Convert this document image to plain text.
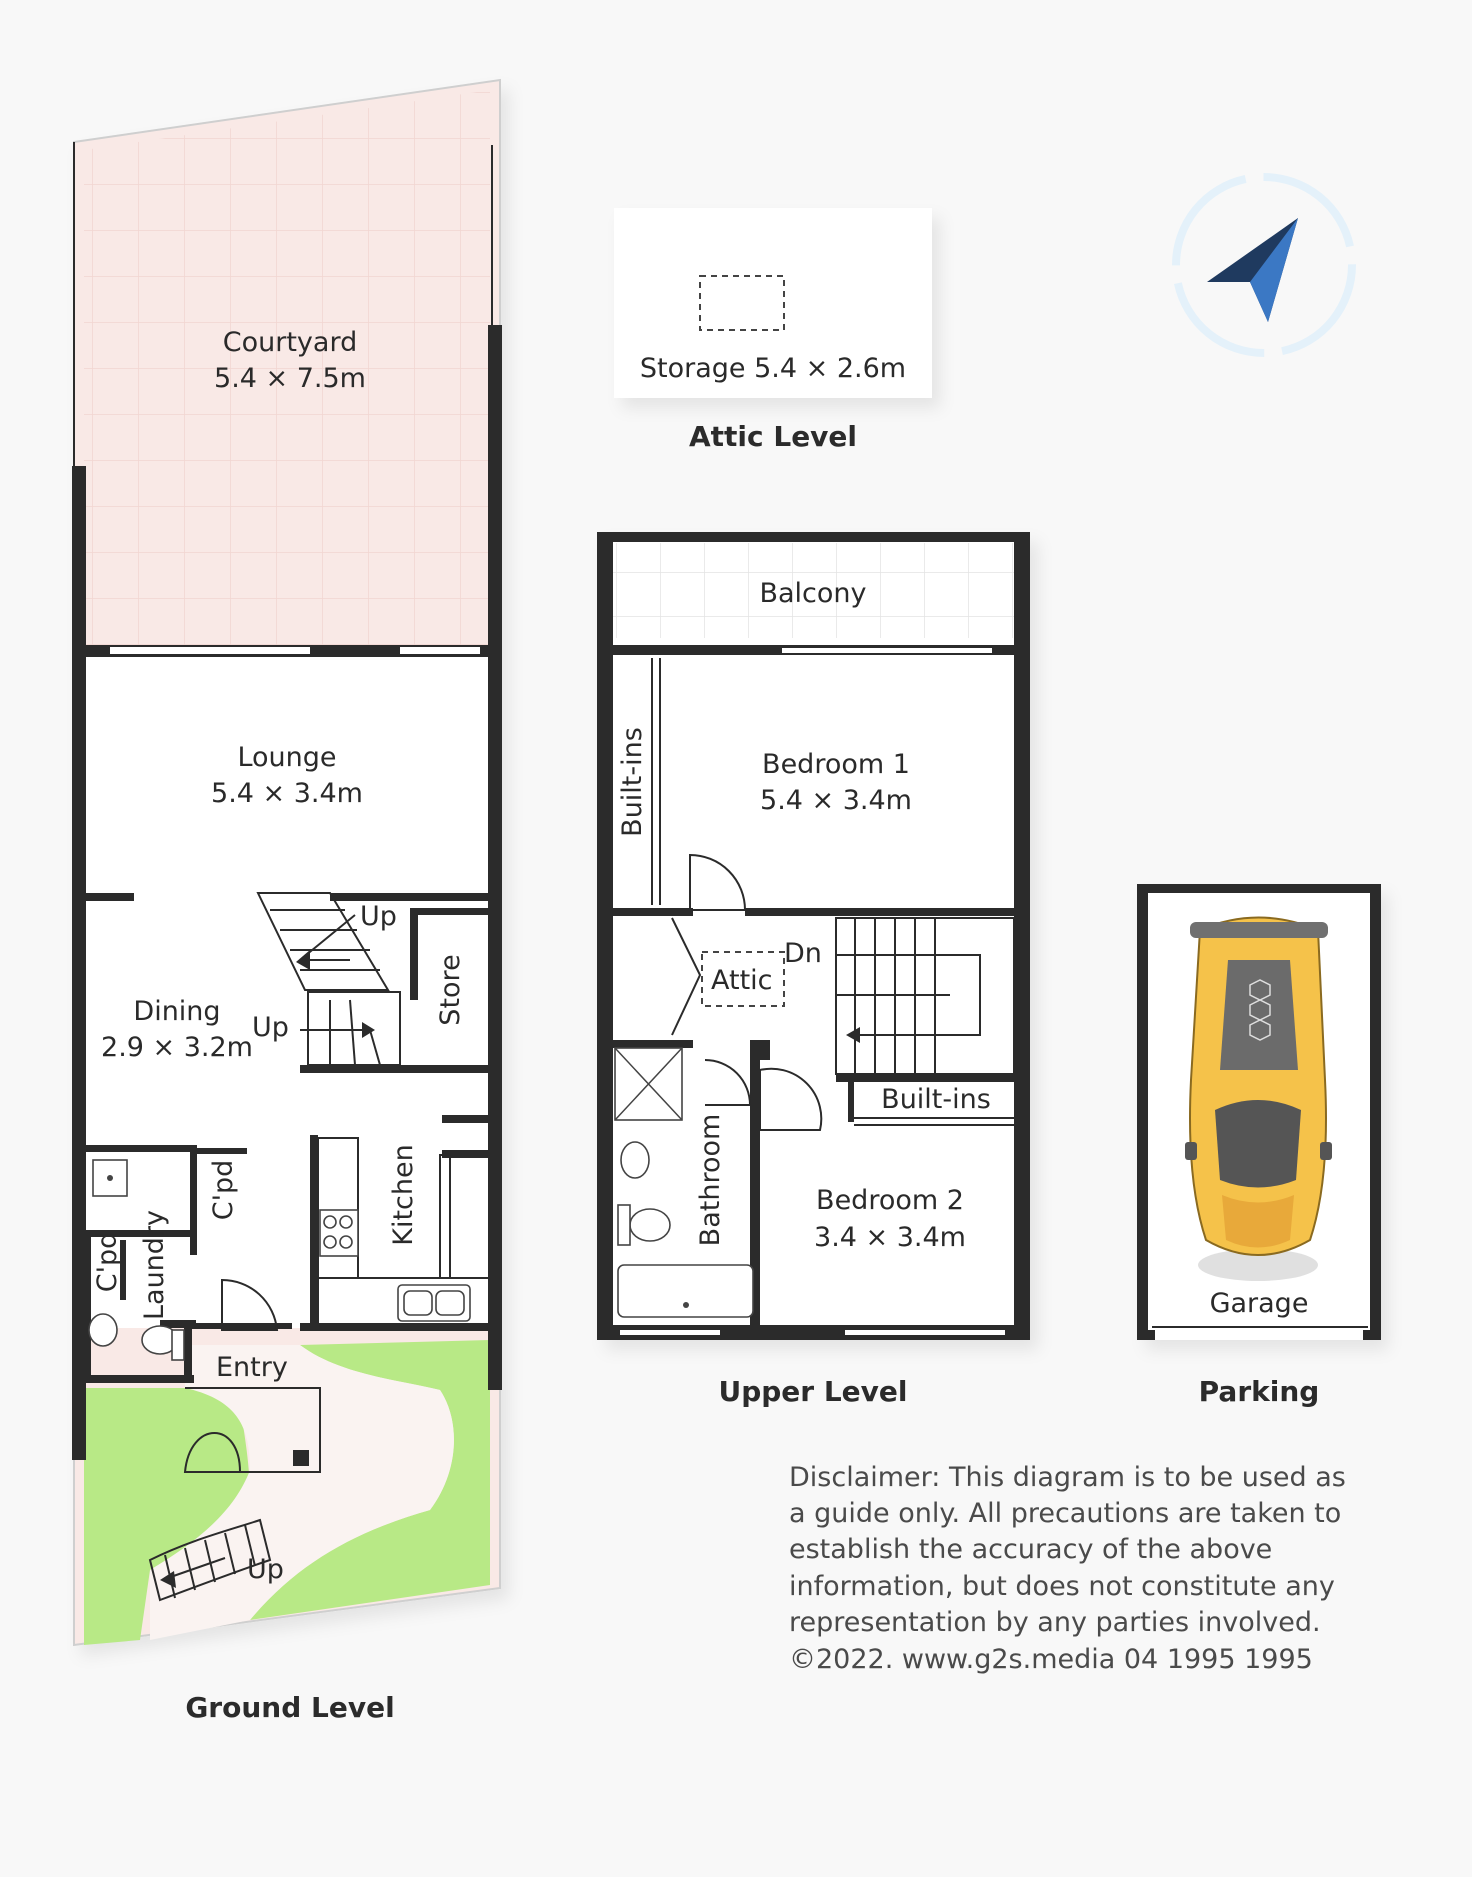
Courtyard
5.4 × 7.5m
Lounge
5.4 × 3.4m
Dining
2.9 × 3.2m
Up
Up
Up
Store
Kitchen
C'pd
C'pd Laundry
Entry
Ground Level
Storage 5.4 × 2.6m
Attic Level
Balcony
Built-ins	Bedroom 1
5.4 × 3.4m
Attic
Dn
Built-ins
Bathroom	Bedroom 2
3.4 × 3.4m
Upper Level
Garage
Parking
Disclaimer: This diagram is to be used as
a guide only. All precautions are taken to
establish the accuracy of the above
information, but does not constitute any
representation by any parties involved.
©2022. www.g2s.media 04 1995 1995
